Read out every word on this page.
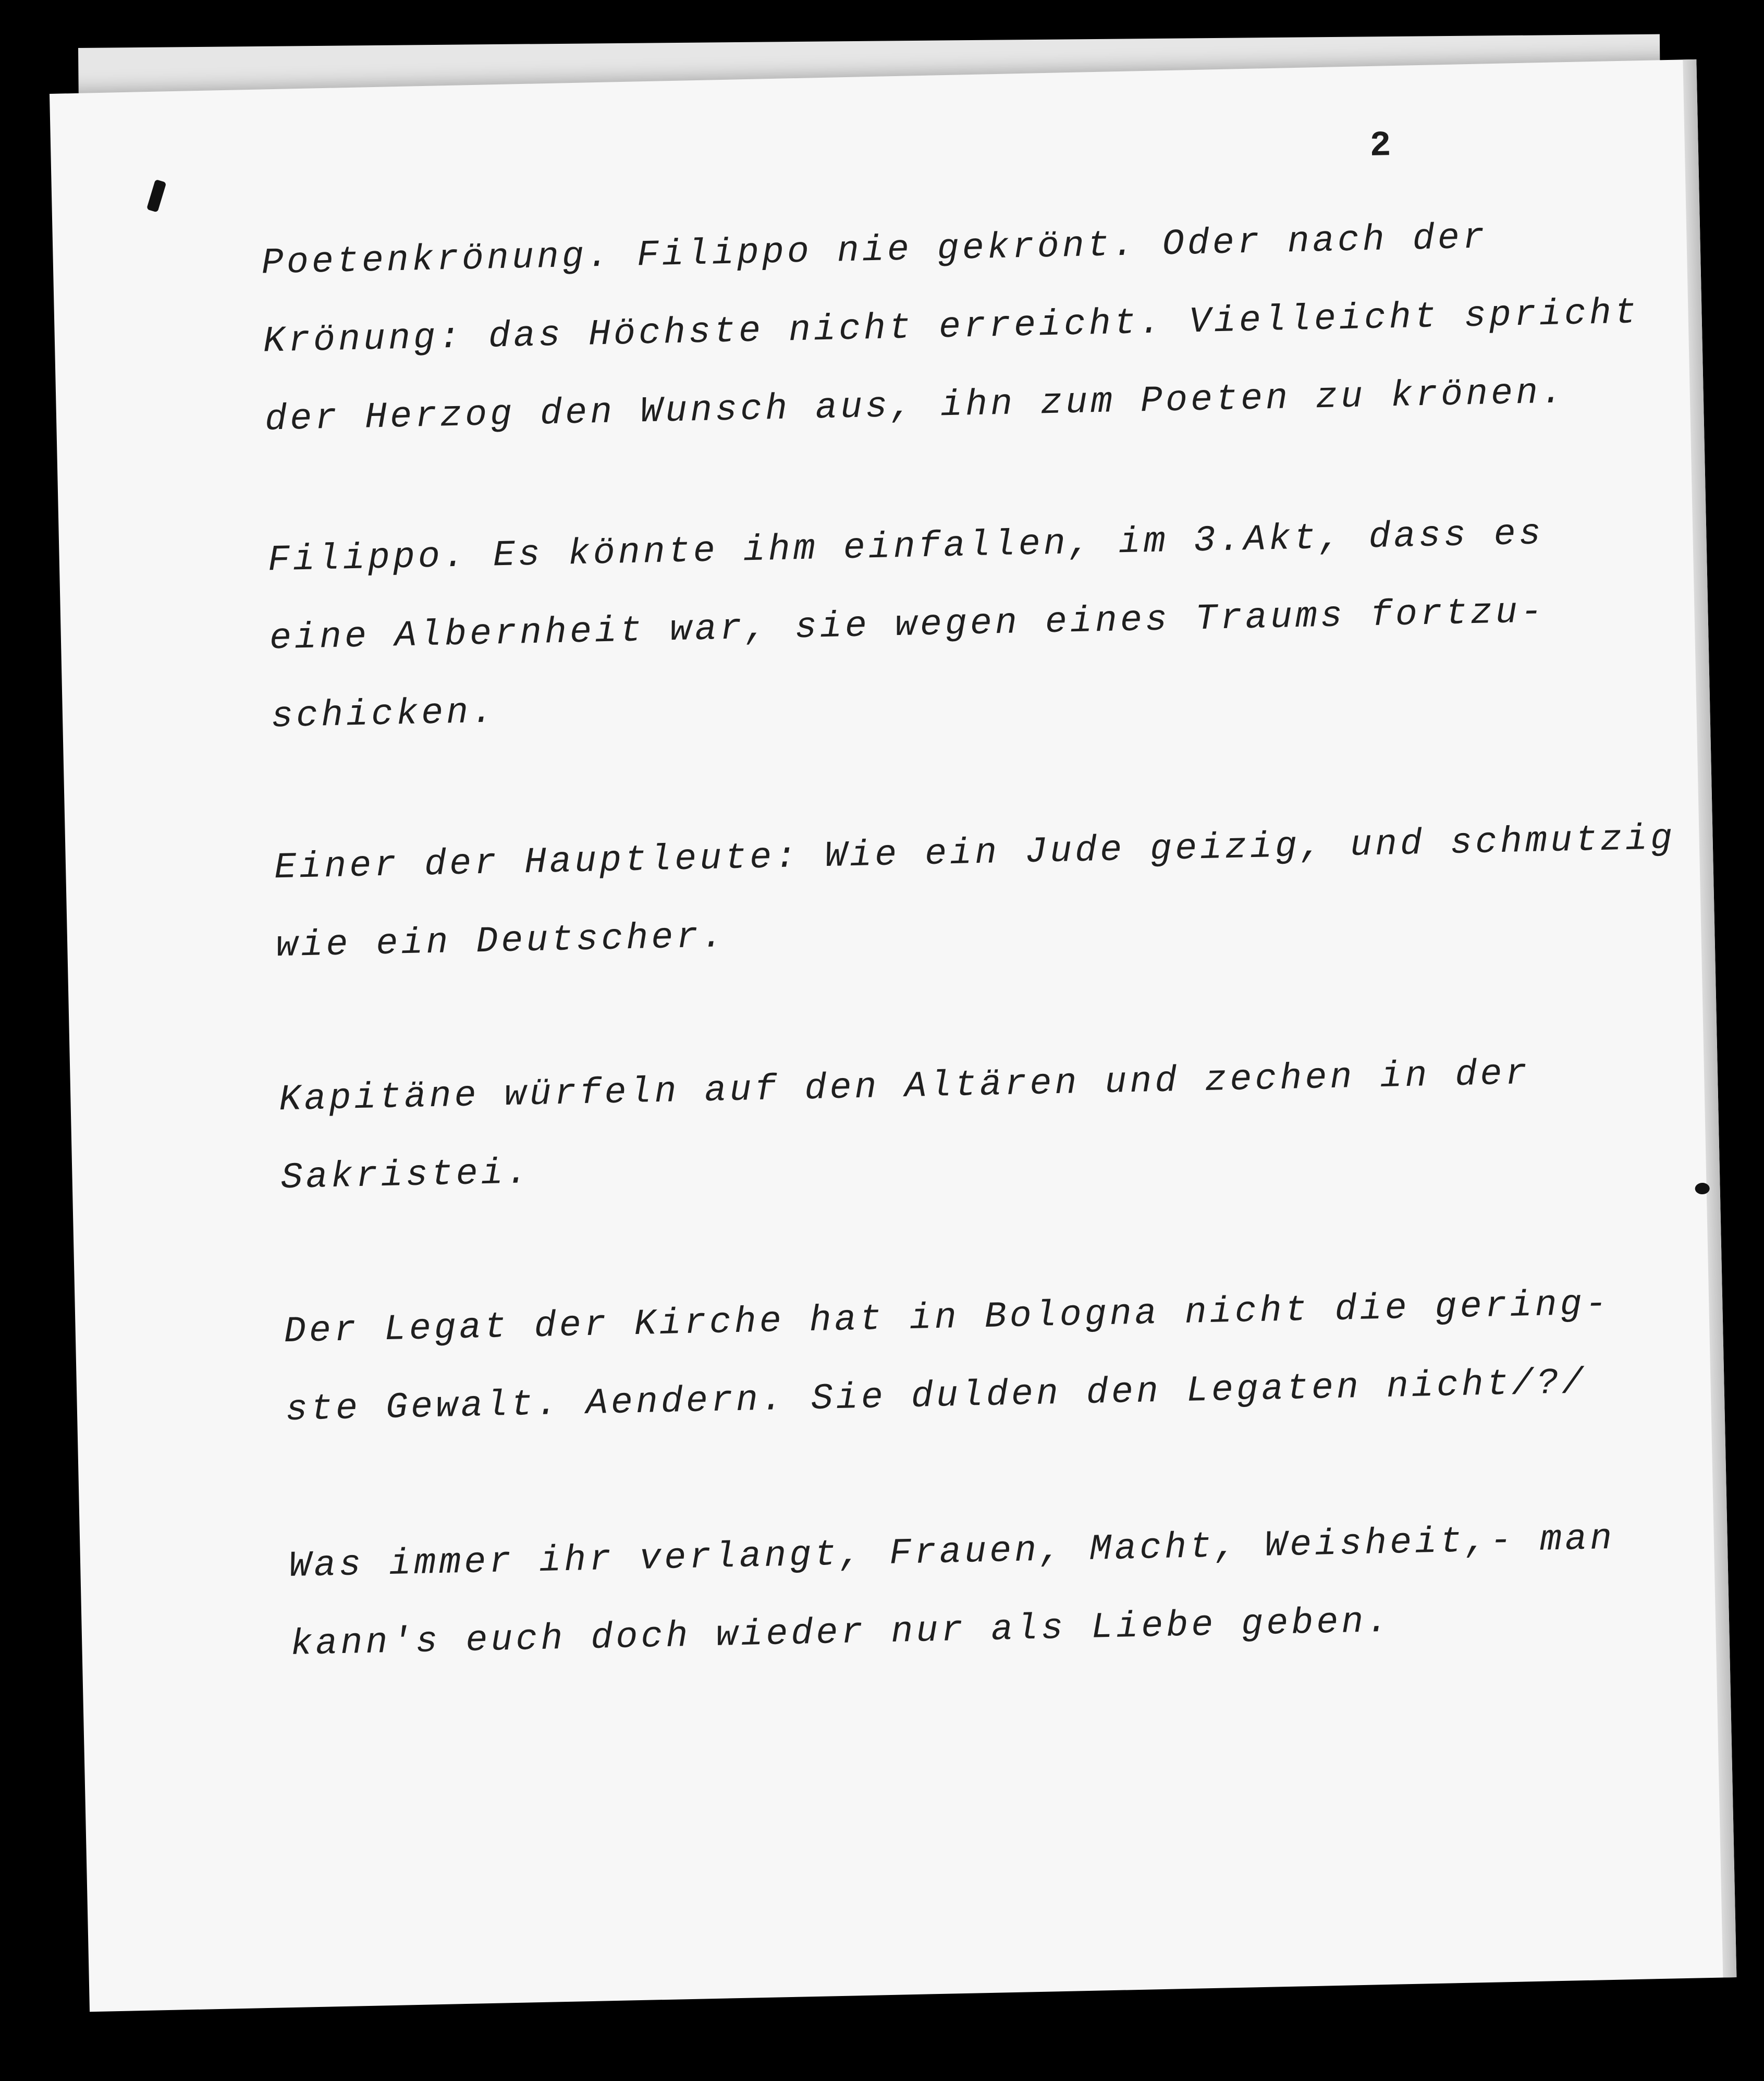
2
Poetenkrönung. Filippo nie gekrönt. Oder nach der
Krönung: das Höchste nicht erreicht. Vielleicht spricht
der Herzog den Wunsch aus, ihn zum Poeten zu krönen.
Filippo. Es könnte ihm einfallen, im 3.Akt, dass es
eine Albernheit war, sie wegen eines Traums fortzu-
schicken.
Einer der Hauptleute: Wie ein Jude geizig, und schmutzig
wie ein Deutscher.
Kapitäne würfeln auf den Altären und zechen in der
Sakristei.
Der Legat der Kirche hat in Bologna nicht die gering-
ste Gewalt. Aendern. Sie dulden den Legaten nicht/?/
Was immer ihr verlangt, Frauen, Macht, Weisheit,- man
kann's euch doch wieder nur als Liebe geben.
